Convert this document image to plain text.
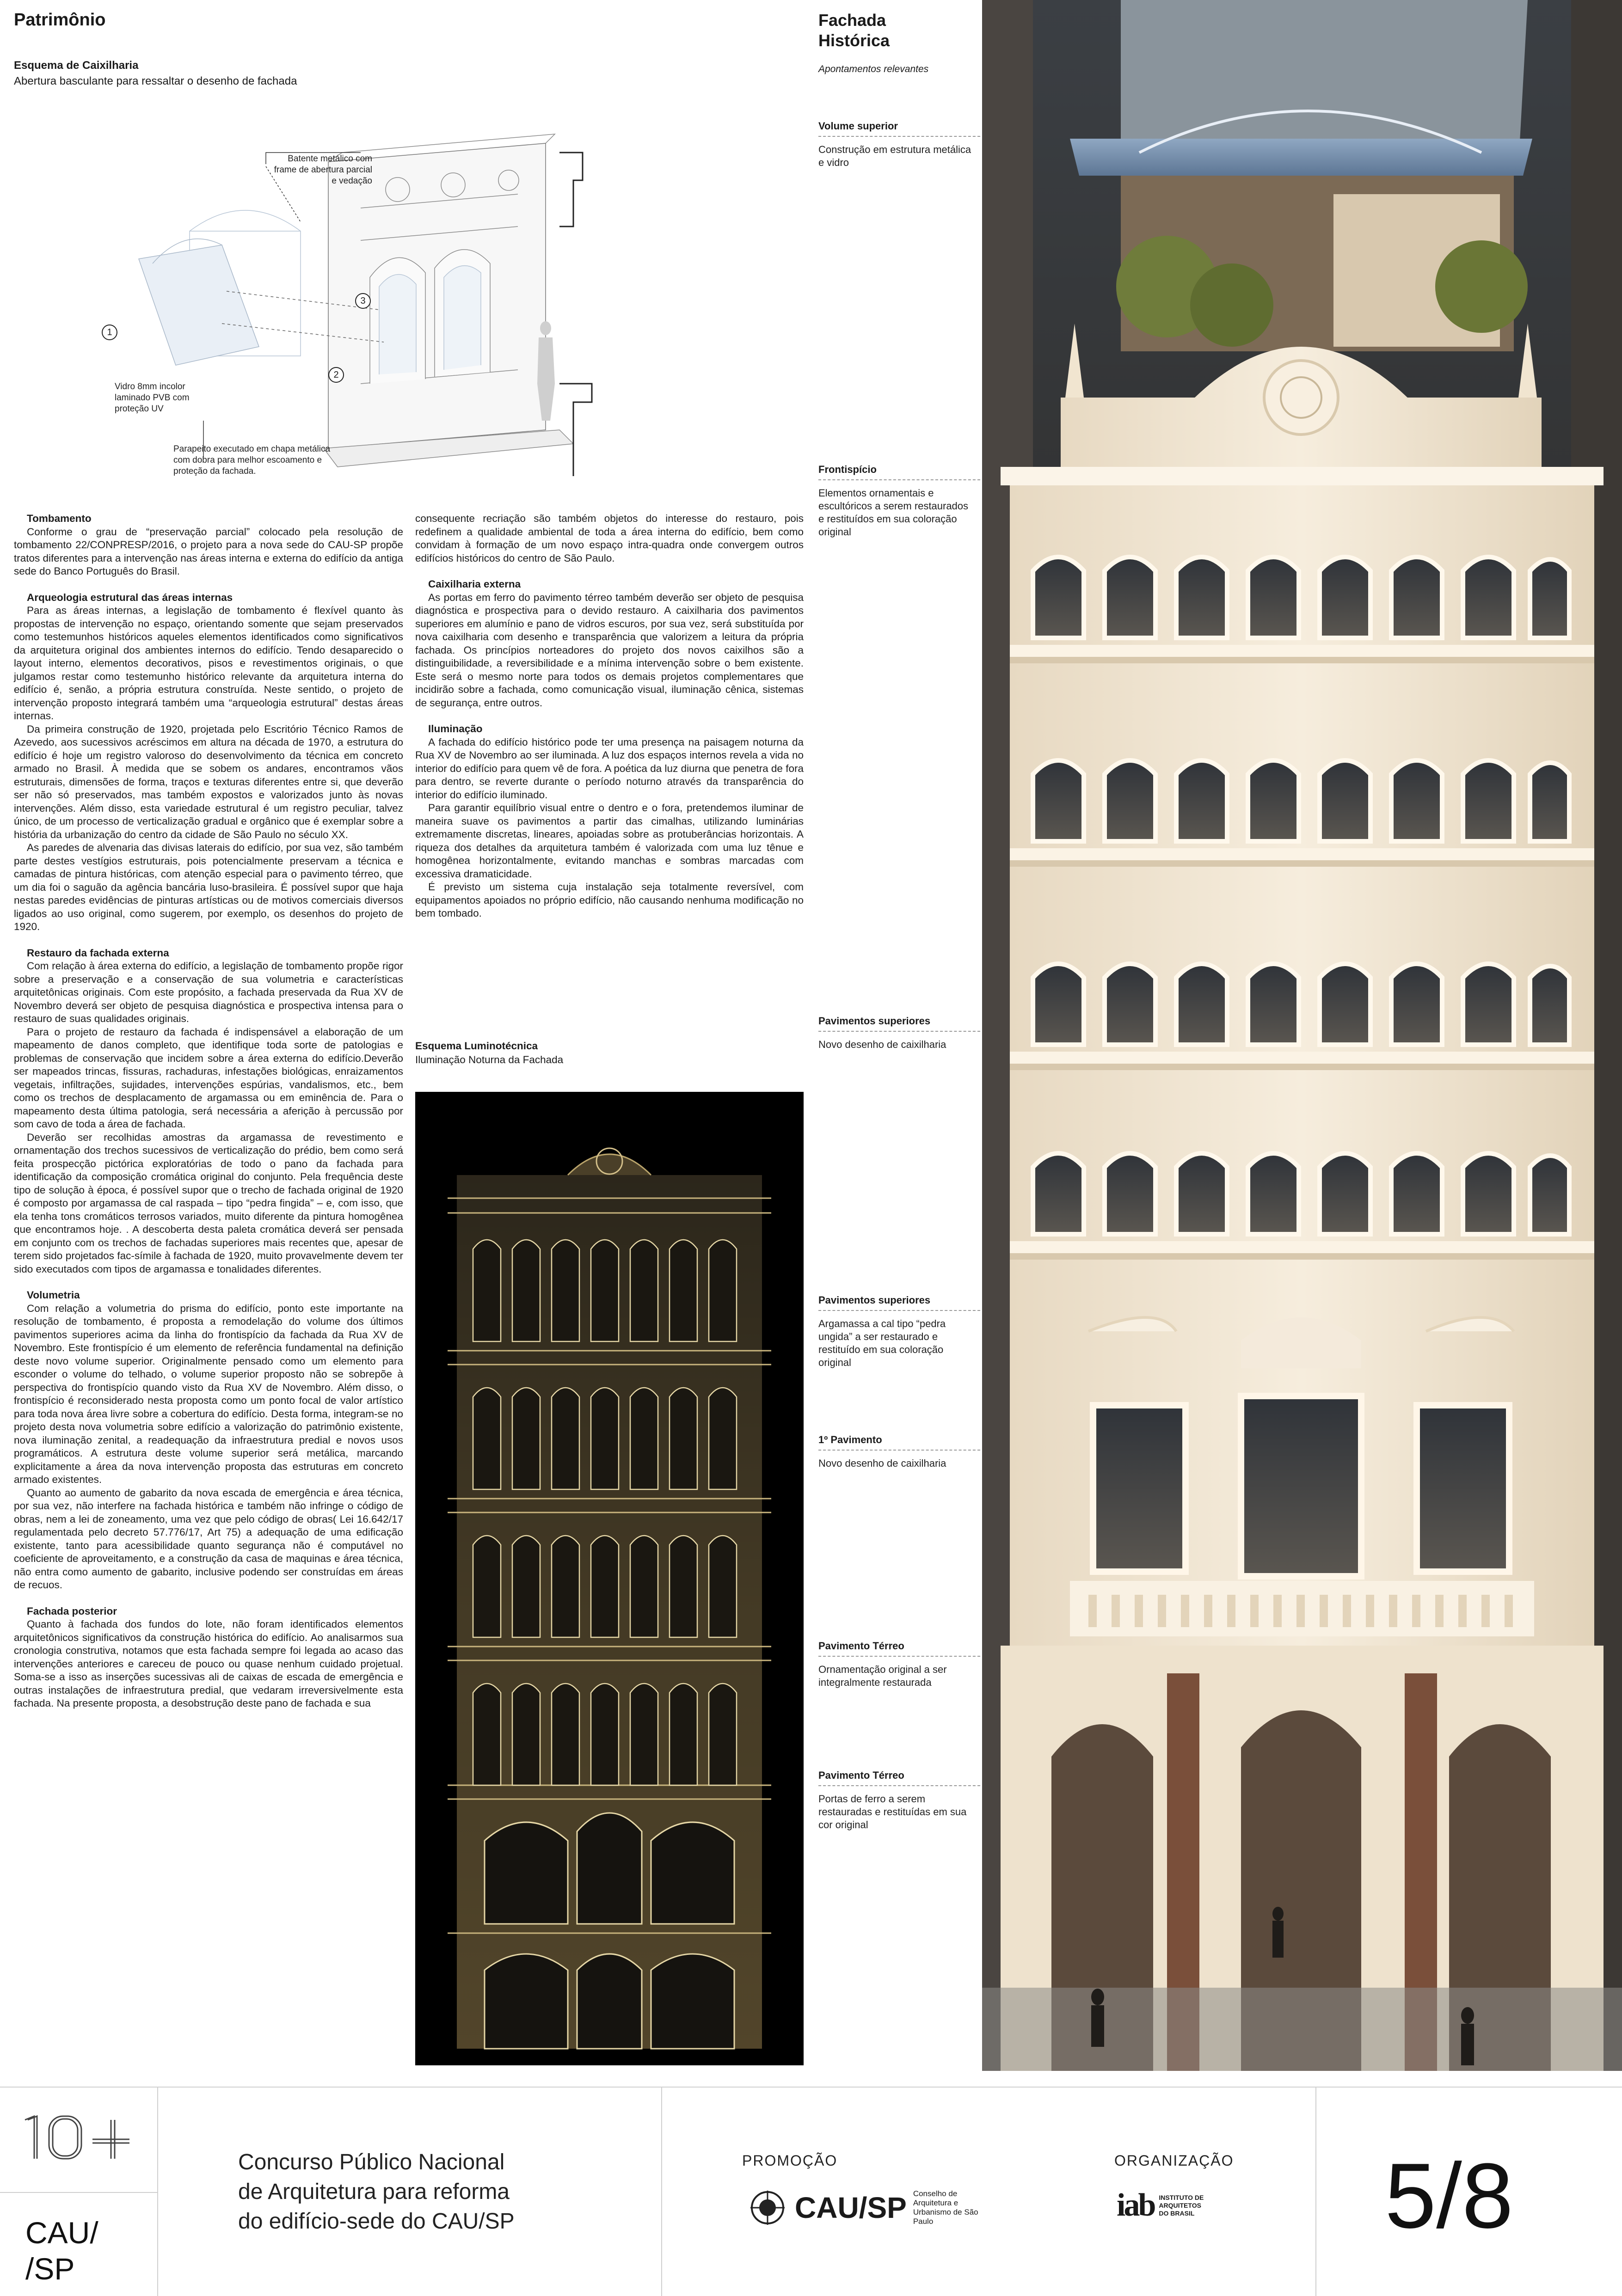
Patrimônio
Esquema de Caixilharia
Abertura basculante para ressaltar o desenho de fachada
Batente metálico com frame de abertura parcial e vedação
Vidro 8mm incolor laminado PVB com proteção UV
Parapeito executado em chapa metálica com dobra para melhor escoamento e proteção da fachada.
1
2
3
Tombamento

Conforme o grau de “preservação parcial” colocado pela resolução de tombamento 22/CONPRESP/2016, o projeto para a nova sede do CAU-SP propõe tratos diferentes para a intervenção nas áreas interna e externa do edifício da antiga sede do Banco Português do Brasil.

Arqueologia estrutural das áreas internas

Para as áreas internas, a legislação de tombamento é flexível quanto às propostas de intervenção no espaço, orientando somente que sejam preservados como testemunhos históricos aqueles elementos identificados como significativos da arquitetura original dos ambientes internos do edifício. Tendo desaparecido o layout interno, elementos decorativos, pisos e revestimentos originais, o que julgamos restar como testemunho histórico relevante da arquitetura interna do edifício é, senão, a própria estrutura construída. Neste sentido, o projeto de intervenção proposto integrará também uma “arqueologia estrutural” destas áreas internas.

Da primeira construção de 1920, projetada pelo Escritório Técnico Ramos de Azevedo, aos sucessivos acréscimos em altura na década de 1970, a estrutura do edifício é hoje um registro valoroso do desenvolvimento da técnica em concreto armado no Brasil. À medida que se sobem os andares, encontramos vãos estruturais, dimensões de forma, traços e texturas diferentes entre si, que deverão ser não só preservados, mas também expostos e valorizados junto às novas intervenções. Além disso, esta variedade estrutural é um registro peculiar, talvez único, de um processo de verticalização gradual e orgânico que é exemplar sobre a história da urbanização do centro da cidade de São Paulo no século XX.

As paredes de alvenaria das divisas laterais do edifício, por sua vez, são também parte destes vestígios estruturais, pois potencialmente preservam a técnica e camadas de pintura históricas, com atenção especial para o pavimento térreo, que um dia foi o saguão da agência bancária luso-brasileira. É possível supor que haja nestas paredes evidências de pinturas artísticas ou de motivos comerciais diversos ligados ao uso original, como sugerem, por exemplo, os desenhos do projeto de 1920.

Restauro da fachada externa

Com relação à área externa do edifício, a legislação de tombamento propõe rigor sobre a preservação e a conservação de sua volumetria e características arquitetônicas originais. Com este propósito, a fachada preservada da Rua XV de Novembro deverá ser objeto de pesquisa diagnóstica e prospectiva intensa para o restauro de suas qualidades originais.

Para o projeto de restauro da fachada é indispensável a elaboração de um mapeamento de danos completo, que identifique toda sorte de patologias e problemas de conservação que incidem sobre a área externa do edifício.Deverão ser mapeados trincas, fissuras, rachaduras, infestações biológicas, enraizamentos vegetais, infiltrações, sujidades, intervenções espúrias, vandalismos, etc., bem como os trechos de desplacamento de argamassa ou em eminência de. Para o mapeamento desta última patologia, será necessária a aferição à percussão por som cavo de toda a área de fachada.

Deverão ser recolhidas amostras da argamassa de revestimento e ornamentação dos trechos sucessivos de verticalização do prédio, bem como será feita prospecção pictórica exploratórias de todo o pano da fachada para identificação da composição cromática original do conjunto. Pela frequência deste tipo de solução à época, é possível supor que o trecho de fachada original de 1920 é composto por argamassa de cal raspada – tipo “pedra fingida” – e, com isso, que ela tenha tons cromáticos terrosos variados, muito diferente da pintura homogênea que encontramos hoje. . A descoberta desta paleta cromática deverá ser pensada em conjunto com os trechos de fachadas superiores mais recentes que, apesar de terem sido projetados fac-símile à fachada de 1920, muito provavelmente devem ter sido executados com tipos de argamassa e tonalidades diferentes.

Volumetria

Com relação a volumetria do prisma do edifício, ponto este importante na resolução de tombamento, é proposta a remodelação do volume dos últimos pavimentos superiores acima da linha do frontispício da fachada da Rua XV de Novembro. Este frontispício é um elemento de referência fundamental na definição deste novo volume superior. Originalmente pensado como um elemento para esconder o volume do telhado, o volume superior proposto não se sobrepõe à perspectiva do frontispício quando visto da Rua XV de Novembro. Além disso, o frontispício é reconsiderado nesta proposta como um ponto focal de valor artístico para toda nova área livre sobre a cobertura do edifício. Desta forma, integram-se no projeto desta nova volumetria sobre edifício a valorização do patrimônio existente, nova iluminação zenital, a readequação da infraestrutura predial e novos usos programáticos. A estrutura deste volume superior será metálica, marcando explicitamente a área da nova intervenção proposta das estruturas em concreto armado existentes.

Quanto ao aumento de gabarito da nova escada de emergência e área técnica, por sua vez, não interfere na fachada histórica e também não infringe o código de obras, nem a lei de zoneamento, uma vez que pelo código de obras( Lei 16.642/17 regulamentada pelo decreto 57.776/17, Art 75) a adequação de uma edificação existente, tanto para acessibilidade quanto segurança não é computável no coeficiente de aproveitamento, e a construção da casa de maquinas e área técnica, não entra como aumento de gabarito, inclusive podendo ser construídas em áreas de recuos.

Fachada posterior

Quanto à fachada dos fundos do lote, não foram identificados elementos arquitetônicos significativos da construção histórica do edifício. Ao analisarmos sua cronologia construtiva, notamos que esta fachada sempre foi legada ao acaso das intervenções anteriores e careceu de pouco ou quase nenhum cuidado projetual. Soma-se a isso as inserções sucessivas ali de caixas de escada de emergência e outras instalações de infraestrutura predial, que vedaram irreversivelmente esta fachada. Na presente proposta, a desobstrução deste pano de fachada e sua

consequente recriação são também objetos do interesse do restauro, pois redefinem a qualidade ambiental de toda a área interna do edifício, bem como convidam à formação de um novo espaço intra-quadra onde convergem outros edifícios históricos do centro de São Paulo.

Caixilharia externa

As portas em ferro do pavimento térreo também deverão ser objeto de pesquisa diagnóstica e prospectiva para o devido restauro. A caixilharia dos pavimentos superiores em alumínio e pano de vidros escuros, por sua vez, será substituída por nova caixilharia com desenho e transparência que valorizem a leitura da própria fachada. Os princípios norteadores do projeto dos novos caixilhos são a distinguibilidade, a reversibilidade e a mínima intervenção sobre o bem existente. Este será o mesmo norte para todos os demais projetos complementares que incidirão sobre a fachada, como comunicação visual, iluminação cênica, sistemas de segurança, entre outros.

Iluminação

A fachada do edifício histórico pode ter uma presença na paisagem noturna da Rua XV de Novembro ao ser iluminada. A luz dos espaços internos revela a vida no interior do edifício para quem vê de fora. A poética da luz diurna que penetra de fora para dentro, se reverte durante o período noturno através da transparência do interior do edifício iluminado.

Para garantir equilíbrio visual entre o dentro e o fora, pretendemos iluminar de maneira suave os pavimentos a partir das cimalhas, utilizando luminárias extremamente discretas, lineares, apoiadas sobre as protuberâncias horizontais. A riqueza dos detalhes da arquitetura também é valorizada com uma luz tênue e homogênea horizontalmente, evitando manchas e sombras marcadas com excessiva dramaticidade.

É previsto um sistema cuja instalação seja totalmente reversível, com equipamentos apoiados no próprio edifício, não causando nenhuma modificação no bem tombado.

Esquema Luminotécnica
Iluminação Noturna da Fachada
Fachada Histórica
Apontamentos relevantes
Volume superior
Construção em estrutura metálica e vidro
Frontispício
Elementos ornamentais e escultóricos a serem restaurados e restituídos em sua coloração original
Pavimentos superiores
Novo desenho de caixilharia
Pavimentos superiores
Argamassa a cal tipo “pedra ungida” a ser restaurado e restituído em sua coloração original
1º Pavimento
Novo desenho de caixilharia
Pavimento Térreo
Ornamentação original a ser integralmente restaurada
Pavimento Térreo
Portas de ferro a serem restauradas e restituídas em sua cor original
CAU/
/SP
Concurso Público Nacional
de Arquitetura para reforma
do edifício-sede do CAU/SP
PROMOÇÃO
CAU/SP Conselho de Arquitetura e Urbanismo de São Paulo
ORGANIZAÇÃO
iab INSTITUTO DE ARQUITETOS DO BRASIL 5/8
